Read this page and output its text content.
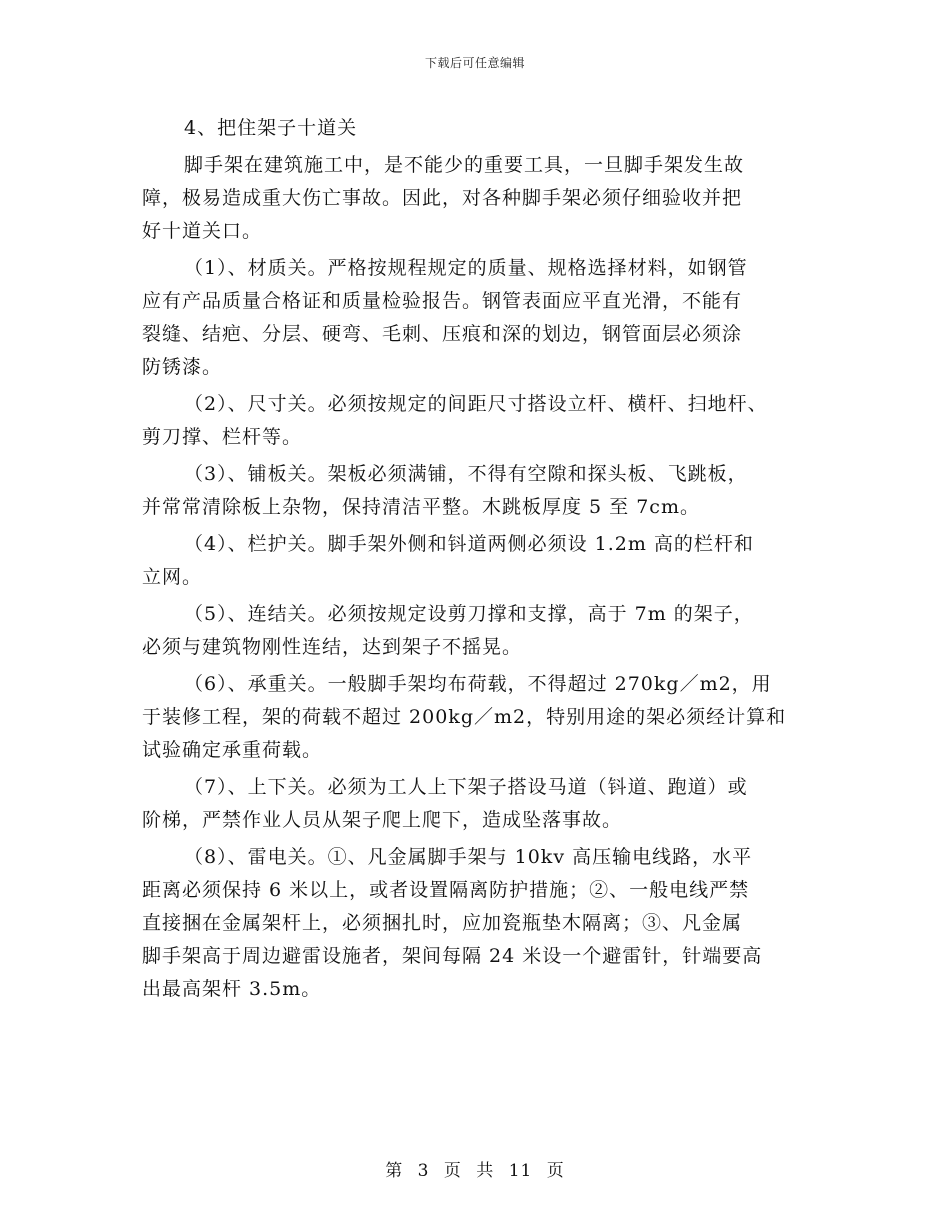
下载后可任意编辑

4、把住架子十道关

脚手架在建筑施工中，是不能少的重要工具，一旦脚手架发生故
障，极易造成重大伤亡事故。因此，对各种脚手架必须仔细验收并把
好十道关口。

（1）、材质关。严格按规程规定的质量、规格选择材料，如钢管
应有产品质量合格证和质量检验报告。钢管表面应平直光滑，不能有
裂缝、结疤、分层、硬弯、毛刺、压痕和深的划边，钢管面层必须涂
防锈漆。

（2）、尺寸关。必须按规定的间距尺寸搭设立杆、横杆、扫地杆、
剪刀撑、栏杆等。

（3）、铺板关。架板必须满铺，不得有空隙和探头板、飞跳板，
并常常清除板上杂物，保持清洁平整。木跳板厚度 5 至 7cm。

（4）、栏护关。脚手架外侧和钭道两侧必须设 1.2m 高的栏杆和
立网。

（5）、连结关。必须按规定设剪刀撑和支撑，高于 7m 的架子，
必须与建筑物刚性连结，达到架子不摇晃。

（6）、承重关。一般脚手架均布荷载，不得超过 270kg／m2，用
于装修工程，架的荷载不超过 200kg／m2，特别用途的架必须经计算和
试验确定承重荷载。

（7）、上下关。必须为工人上下架子搭设马道（钭道、跑道）或
阶梯，严禁作业人员从架子爬上爬下，造成坠落事故。

（8）、雷电关。①、凡金属脚手架与 10kv 高压输电线路，水平
距离必须保持 6 米以上，或者设置隔离防护措施；②、一般电线严禁
直接捆在金属架杆上，必须捆扎时，应加瓷瓶垫木隔离；③、凡金属
脚手架高于周边避雷设施者，架间每隔 24 米设一个避雷针，针端要高
出最高架杆 3.5m。

第 3 页 共 11 页
